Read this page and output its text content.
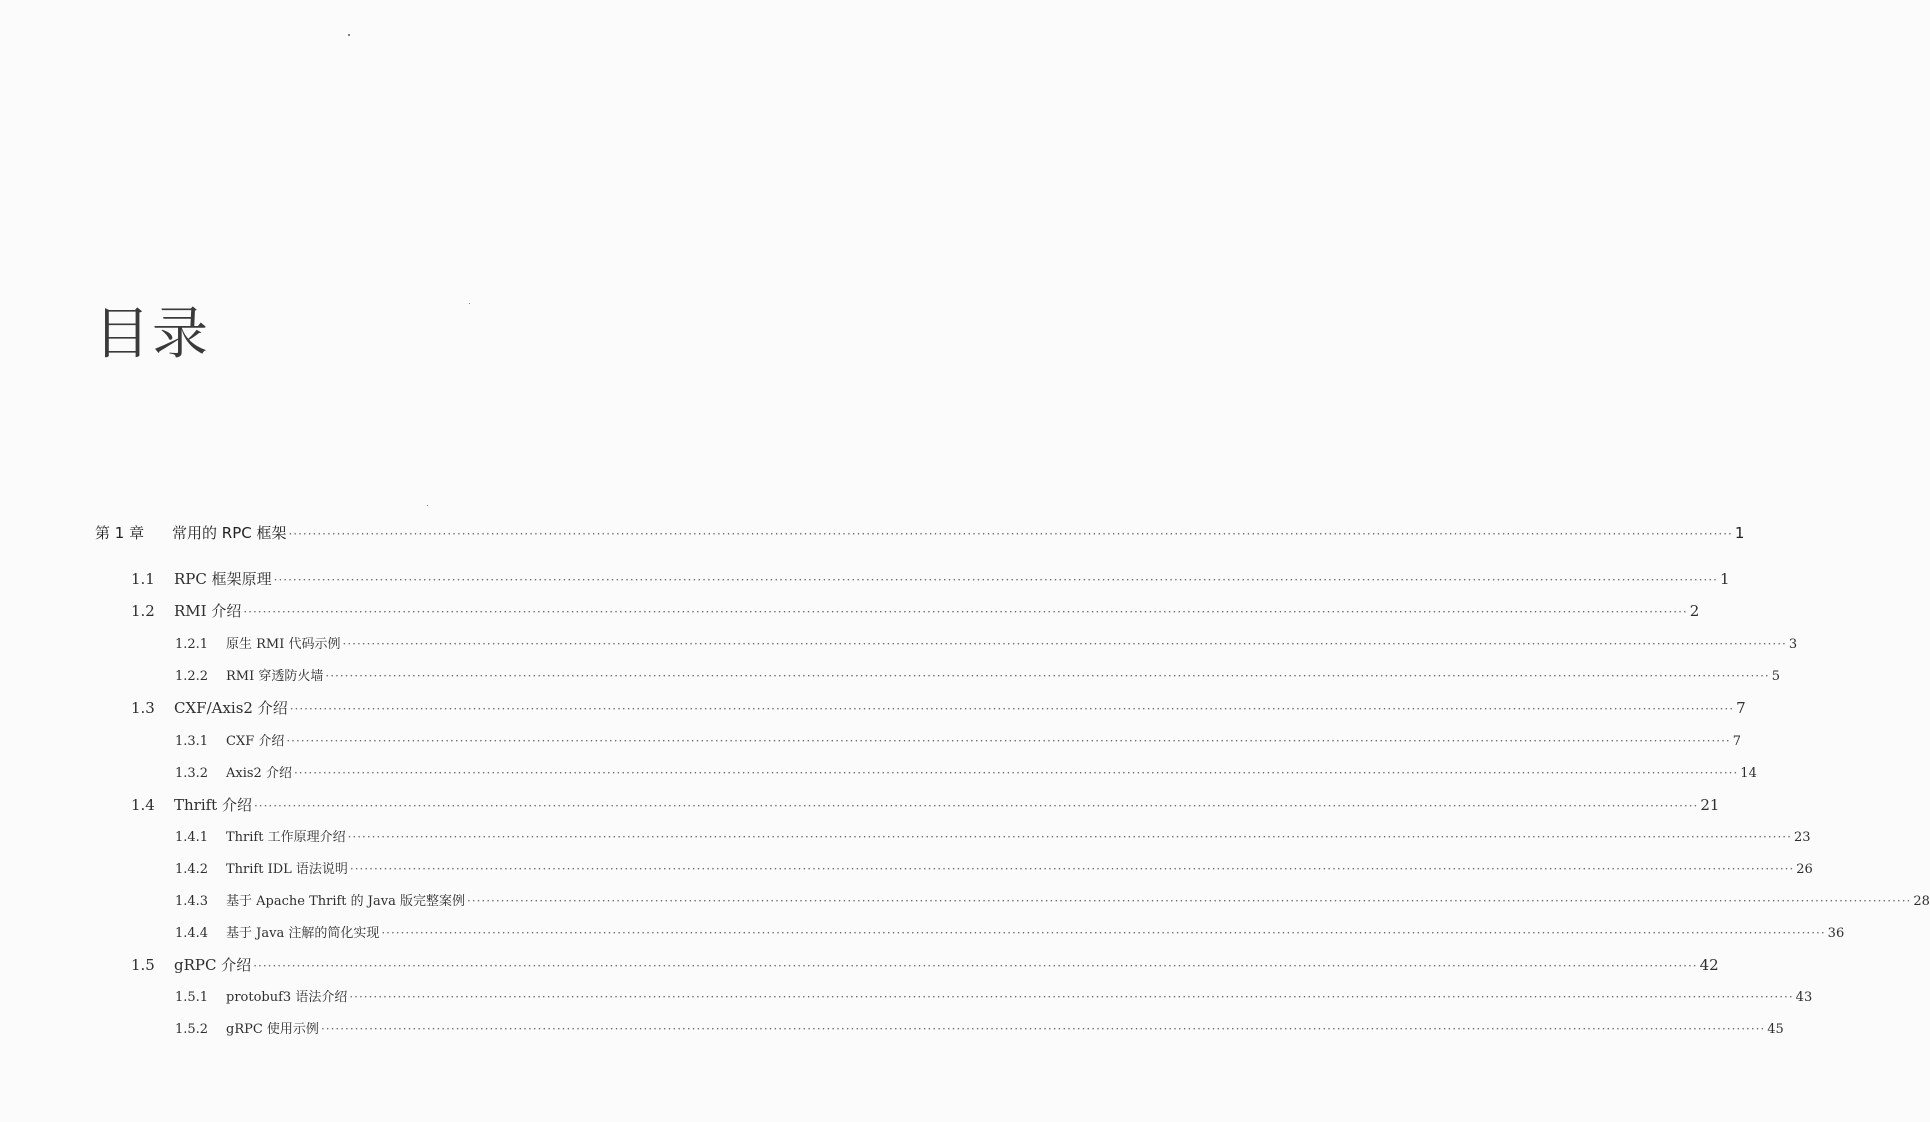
目录
第 1 章	常用的 RPC 框架 ············································································································································································································································································································ 1
1.1	RPC 框架原理 ············································································································································································································································································································ 1
1.2	RMI 介绍 ············································································································································································································································································································ 2
1.2.1	原生 RMI 代码示例 ············································································································································································································································································································ 3
1.2.2	RMI 穿透防火墙 ············································································································································································································································································································ 5
1.3	CXF/Axis2 介绍 ············································································································································································································································································································ 7
1.3.1	CXF 介绍 ············································································································································································································································································································ 7
1.3.2	Axis2 介绍 ············································································································································································································································································································ 14
1.4	Thrift 介绍 ············································································································································································································································································································ 21
1.4.1	Thrift 工作原理介绍 ············································································································································································································································································································ 23
1.4.2	Thrift IDL 语法说明 ············································································································································································································································································································ 26
1.4.3	基于 Apache Thrift 的 Java 版完整案例 ············································································································································································································································································································ 28
1.4.4	基于 Java 注解的简化实现 ············································································································································································································································································································ 36
1.5	gRPC 介绍 ············································································································································································································································································································ 42
1.5.1	protobuf3 语法介绍 ············································································································································································································································································································ 43
1.5.2	gRPC 使用示例 ············································································································································································································································································································ 45
